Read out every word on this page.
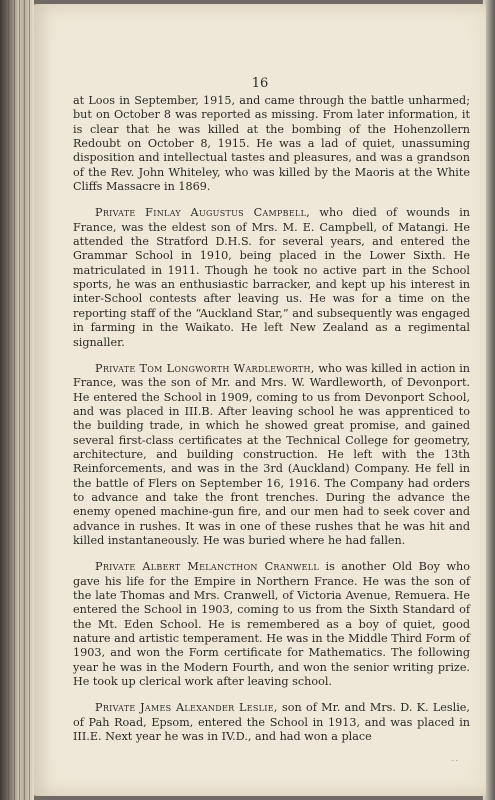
16

at Loos in September, 1915, and came through the battle unharmed; but on October 8 was reported as missing. From later information, it is clear that he was killed at the bombing of the Hohenzollern Redoubt on October 8, 1915. He was a lad of quiet, unassuming disposition and intellectual tastes and pleasures, and was a grandson of the Rev. John Whiteley, who was killed by the Maoris at the White Cliffs Massacre in 1869.

Private Finlay Augustus Campbell, who died of wounds in France, was the eldest son of Mrs. M. E. Campbell, of Matangi. He attended the Stratford D.H.S. for several years, and entered the Grammar School in 1910, being placed in the Lower Sixth. He matriculated in 1911. Though he took no active part in the School sports, he was an enthusiastic barracker, and kept up his interest in inter-School contests after leaving us. He was for a time on the reporting staff of the “Auckland Star,” and subsequently was engaged in farming in the Waikato. He left New Zealand as a regimental signaller.

Private Tom Longworth Wardleworth, who was killed in action in France, was the son of Mr. and Mrs. W. Wardleworth, of Devonport. He entered the School in 1909, coming to us from Devonport School, and was placed in III.B. After leaving school he was apprenticed to the building trade, in which he showed great promise, and gained several first-class certificates at the Technical College for geometry, architecture, and building construction. He left with the 13th Reinforcements, and was in the 3rd (Auckland) Company. He fell in the battle of Flers on September 16, 1916. The Company had orders to advance and take the front trenches. During the advance the enemy opened machine-gun fire, and our men had to seek cover and advance in rushes. It was in one of these rushes that he was hit and killed instantaneously. He was buried where he had fallen.

Private Albert Melancthon Cranwell is another Old Boy who gave his life for the Empire in Northern France. He was the son of the late Thomas and Mrs. Cranwell, of Victoria Avenue, Remuera. He entered the School in 1903, coming to us from the Sixth Standard of the Mt. Eden School. He is remembered as a boy of quiet, good nature and artistic temperament. He was in the Middle Third Form of 1903, and won the Form certificate for Mathematics. The following year he was in the Modern Fourth, and won the senior writing prize. He took up clerical work after leaving school.

Private James Alexander Leslie, son of Mr. and Mrs. D. K. Leslie, of Pah Road, Epsom, entered the School in 1913, and was placed in III.E. Next year he was in IV.D., and had won a place

· ·
